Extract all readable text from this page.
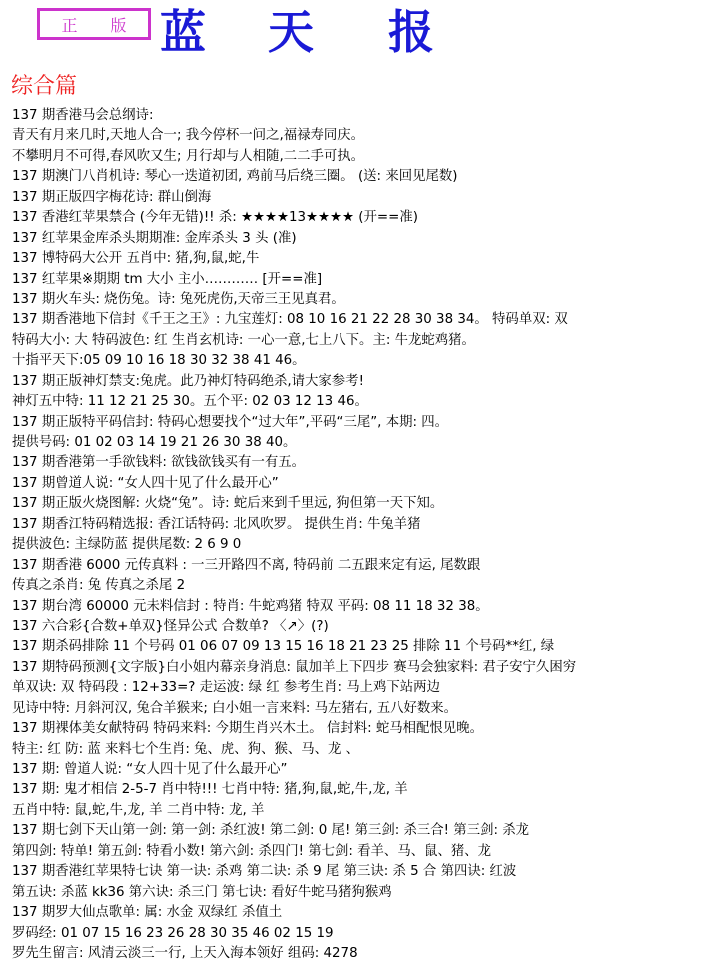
正 版 蓝	天	报
综合篇

137 期香港马会总纲诗:

青天有月来几时,天地人合一; 我今停杯一问之,福禄寿同庆。

不攀明月不可得,春风吹又生; 月行却与人相随,二二手可执。

137 期澳门八肖机诗: 琴心一迭道初团, 鸡前马后绕三圈。 (送: 来回见尾数)

137 期正版四字梅花诗: 群山倒海

137 香港红苹果禁合 (今年无错)!! 杀: ★★★★13★★★★ (开==准)

137 红苹果金库杀头期期准: 金库杀头 3 头 (准)

137 博特码大公开 五肖中: 猪,狗,鼠,蛇,牛

137 红苹果※期期 tm 大小 主小………… [开==准]

137 期火车头: 烧伤兔。诗: 兔死虎伤,天帝三王见真君。

137 期香港地下信封《千王之王》: 九宝莲灯: 08 10 16 21 22 28 30 38 34。 特码单双: 双

特码大小: 大 特码波色: 红 生肖玄机诗: 一心一意,七上八下。主: 牛龙蛇鸡猪。

十指平天下:05 09 10 16 18 30 32 38 41 46。

137 期正版神灯禁支:兔虎。此乃神灯特码绝杀,请大家参考!

神灯五中特: 11 12 21 25 30。五个平: 02 03 12 13 46。

137 期正版特平码信封: 特码心想要找个“过大年”,平码“三尾”, 本期: 四。

提供号码: 01 02 03 14 19 21 26 30 38 40。

137 期香港第一手欲钱料: 欲钱欲钱买有一有五。

137 期曾道人说: “女人四十见了什么最开心”

137 期正版火烧图解: 火烧“兔”。诗: 蛇后来到千里远, 狗但第一天下知。

137 期香江特码精选报: 香江话特码: 北风吹罗。 提供生肖: 牛兔羊猪

提供波色: 主绿防蓝 提供尾数: 2 6 9 0

137 期香港 6000 元传真料 : 一三开路四不离, 特码前 二五跟来定有运, 尾数跟

传真之杀肖: 兔 传真之杀尾 2

137 期台湾 60000 元未料信封 : 特肖: 牛蛇鸡猪 特双 平码: 08 11 18 32 38。

137 六合彩{合数+单双}怪异公式 合数单? 〈↗〉(?)

137 期杀码排除 11 个号码 01 06 07 09 13 15 16 18 21 23 25 排除 11 个号码**红, 绿

137 期特码预测{文字版}白小姐内幕亲身消息: 鼠加羊上下四步 赛马会独家料: 君子安宁久困穷

单双诀: 双 特码段 : 12+33=? 走运波: 绿 红 参考生肖: 马上鸡下站两边

见诗中特: 月斜河汉, 兔合羊猴来; 白小姐一言来料: 马左猪右, 五八好数来。

137 期裸体美女献特码 特码来料: 今期生肖兴木土。 信封料: 蛇马相配恨见晚。

特主: 红 防: 蓝 来料七个生肖: 兔、虎、狗、猴、马、龙 、

137 期: 曾道人说: “女人四十见了什么最开心”

137 期: 鬼才相信 2-5-7 肖中特!!! 七肖中特: 猪,狗,鼠,蛇,牛,龙, 羊

五肖中特: 鼠,蛇,牛,龙, 羊 二肖中特: 龙, 羊

137 期七剑下天山第一剑: 第一剑: 杀红波! 第二剑: 0 尾! 第三剑: 杀三合! 第三剑: 杀龙

第四剑: 特单! 第五剑: 特看小数! 第六剑: 杀四门! 第七剑: 看羊、马、鼠、猪、龙

137 期香港红苹果特七诀 第一诀: 杀鸡 第二诀: 杀 9 尾 第三诀: 杀 5 合 第四诀: 红波

第五诀: 杀蓝 kk36 第六诀: 杀三门 第七诀: 看好牛蛇马猪狗猴鸡

137 期罗大仙点歌单: 属: 水金 双绿红 杀值土

罗码经: 01 07 15 16 23 26 28 30 35 46 02 15 19

罗先生留言: 风清云淡三一行, 上天入海本领好 组码: 4278
